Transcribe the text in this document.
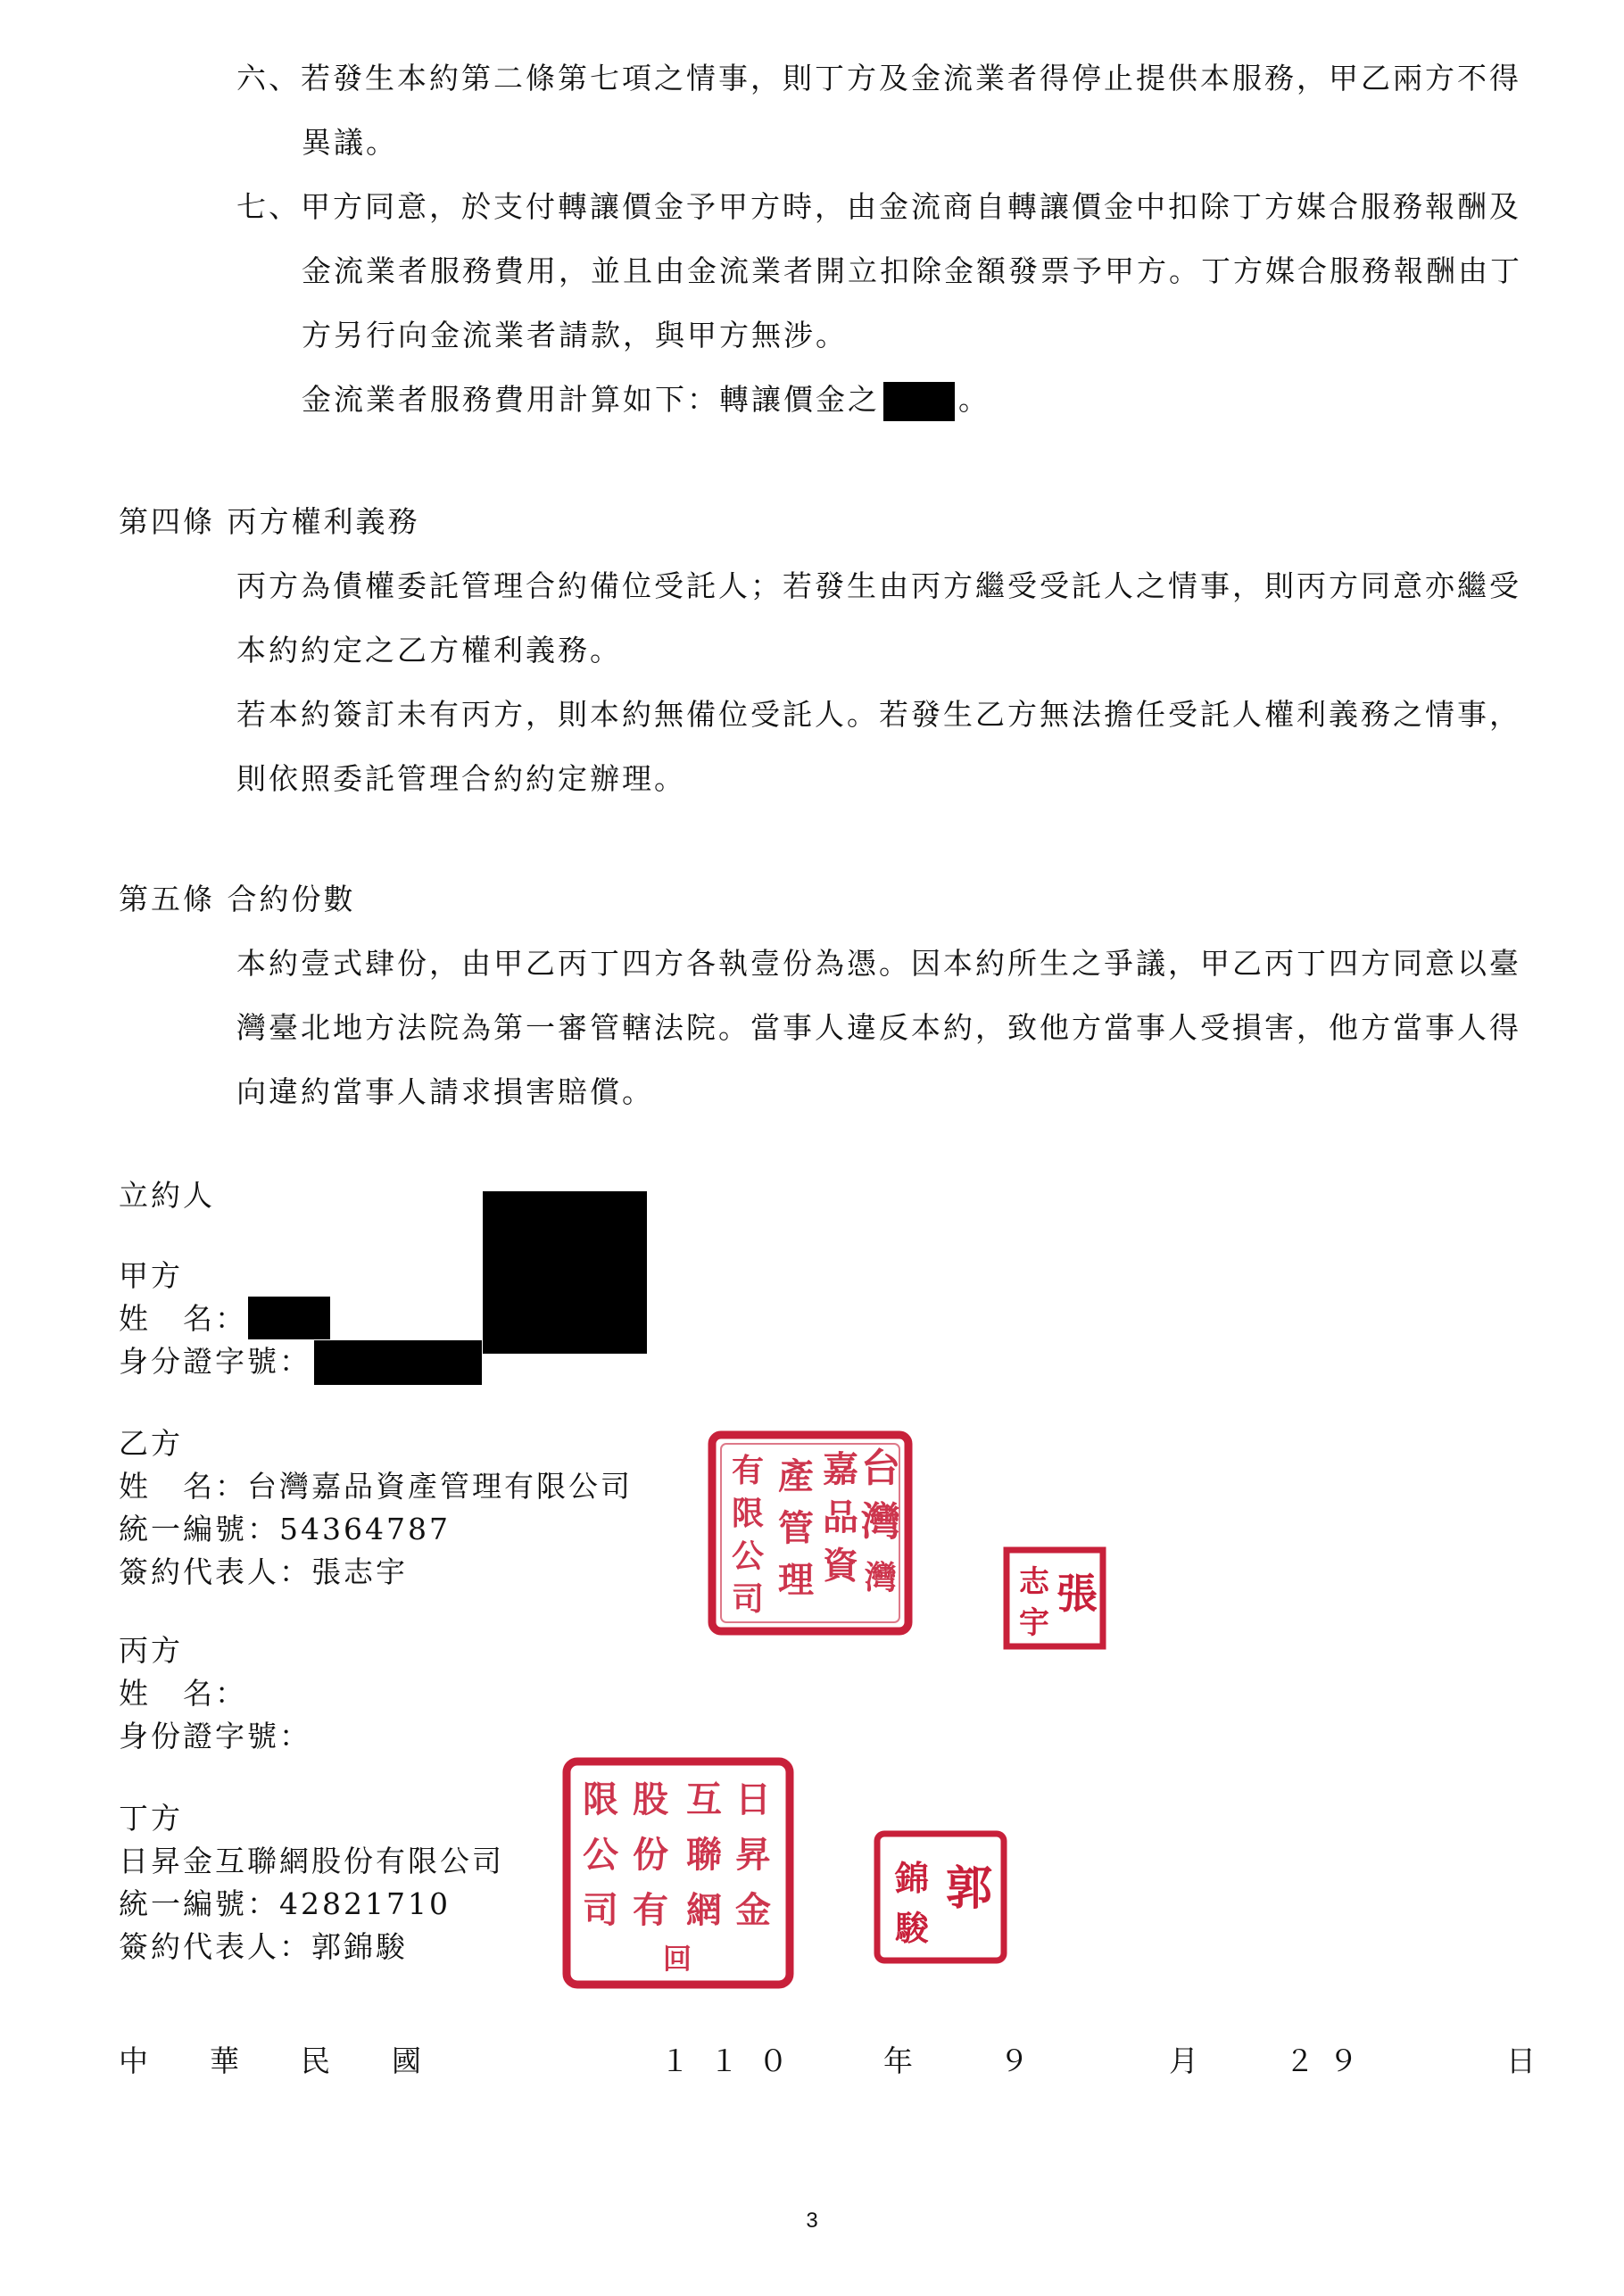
六、若發生本約第二條第七項之情事，則丁方及金流業者得停止提供本服務，甲乙兩方不得
異議。
七、甲方同意，於支付轉讓價金予甲方時，由金流商自轉讓價金中扣除丁方媒合服務報酬及
金流業者服務費用，並且由金流業者開立扣除金額發票予甲方。丁方媒合服務報酬由丁
方另行向金流業者請款，與甲方無涉。
金流業者服務費用計算如下：轉讓價金之	。
第四條 丙方權利義務
丙方為債權委託管理合約備位受託人；若發生由丙方繼受受託人之情事，則丙方同意亦繼受
本約約定之乙方權利義務。
若本約簽訂未有丙方，則本約無備位受託人。若發生乙方無法擔任受託人權利義務之情事，
則依照委託管理合約約定辦理。
第五條 合約份數
本約壹式肆份，由甲乙丙丁四方各執壹份為憑。因本約所生之爭議，甲乙丙丁四方同意以臺
灣臺北地方法院為第一審管轄法院。當事人違反本約，致他方當事人受損害，他方當事人得
向違約當事人請求損害賠償。
立約人
甲方
姓　名：
身分證字號：
乙方
姓　名：台灣嘉品資產管理有限公司
統一編號：54364787
簽約代表人：張志宇
丙方
姓　名：
身份證字號：
丁方
日昇金互聯網股份有限公司
統一編號：42821710
簽約代表人：郭錦駿
台
灣
嘉
品
資
產
管
理
有
限
公
司
灣	張
志
宇
日
昇
金
互
聯
網
股
份
有
限
公
司
回
郭
錦
駿
中　華　民　國	１１０	年	９	月	２９	日
3
